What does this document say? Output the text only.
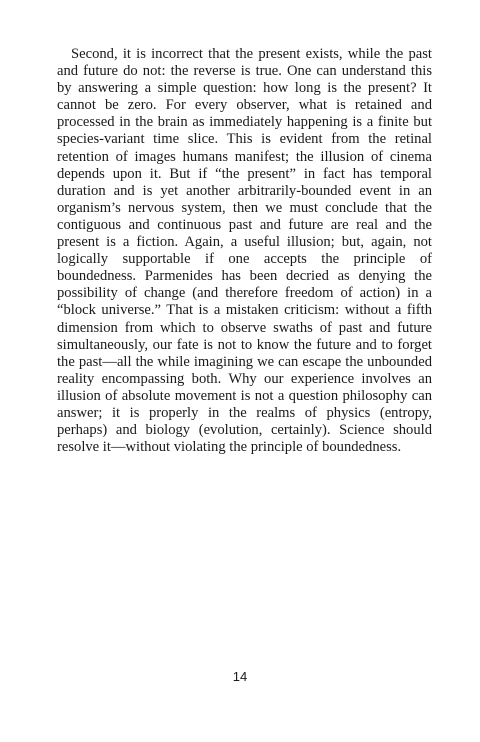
Second, it is incorrect that the present exists, while the past and future do not: the reverse is true. One can understand this by answering a simple question: how long is the present? It cannot be zero. For every observer, what is retained and processed in the brain as immediately happening is a finite but species-variant time slice. This is evident from the retinal retention of images humans manifest; the illusion of cinema depends upon it. But if “the present” in fact has temporal duration and is yet another arbitrarily-bounded event in an organism’s nervous system, then we must conclude that the contiguous and continuous past and future are real and the present is a fiction. Again, a useful illusion; but, again, not logically supportable if one accepts the principle of boundedness. Parmenides has been decried as denying the possibility of change (and therefore freedom of action) in a “block universe.” That is a mistaken criticism: without a fifth dimension from which to observe swaths of past and future simultaneously, our fate is not to know the future and to forget the past—all the while imagining we can escape the unbounded reality encompassing both. Why our experience involves an illusion of absolute movement is not a question philosophy can answer; it is properly in the realms of physics (entropy, perhaps) and biology (evolution, certainly). Science should resolve it—without violating the principle of boundedness.

14
